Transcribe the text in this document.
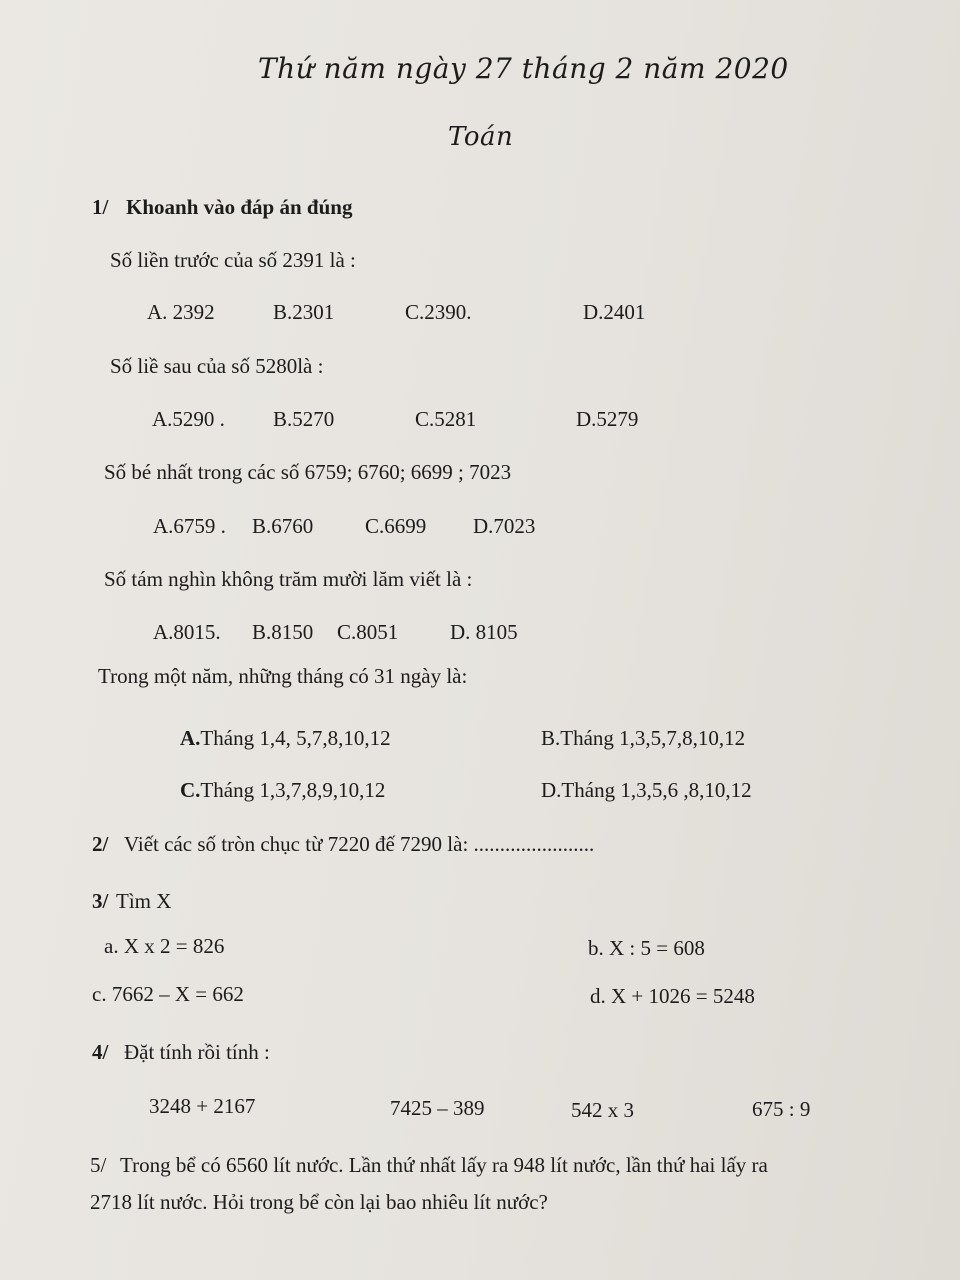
Thứ năm ngày 27 tháng 2 năm 2020
Toán
1/ Khoanh vào đáp án đúng
Số liền trước của số 2391 là :
A. 2392	B.2301	C.2390.	D.2401
Số liề sau của số 5280là :
A.5290 . B.5270	C.5281	D.5279
Số bé nhất trong các số 6759; 6760; 6699 ; 7023
A.6759 . B.6760 C.6699 D.7023
Số tám nghìn không trăm mười lăm viết là :
A.8015. B.8150 C.8051 D. 8105
Trong một năm, những tháng có 31 ngày là:
A.Tháng 1,4, 5,7,8,10,12	B.Tháng 1,3,5,7,8,10,12
C.Tháng 1,3,7,8,9,10,12	D.Tháng 1,3,5,6 ,8,10,12
2/ Viết các số tròn chục từ 7220 đế 7290 là: .......................
3/ Tìm X
a. X x 2 = 826	b. X : 5 = 608
c. 7662 – X = 662	d. X + 1026 = 5248
4/ Đặt tính rồi tính :
3248 + 2167	7425 – 389	542 x 3	675 : 9
5/ Trong bể có 6560 lít nước. Lần thứ nhất lấy ra 948 lít nước, lần thứ hai lấy ra
2718 lít nước. Hỏi trong bể còn lại bao nhiêu lít nước?
